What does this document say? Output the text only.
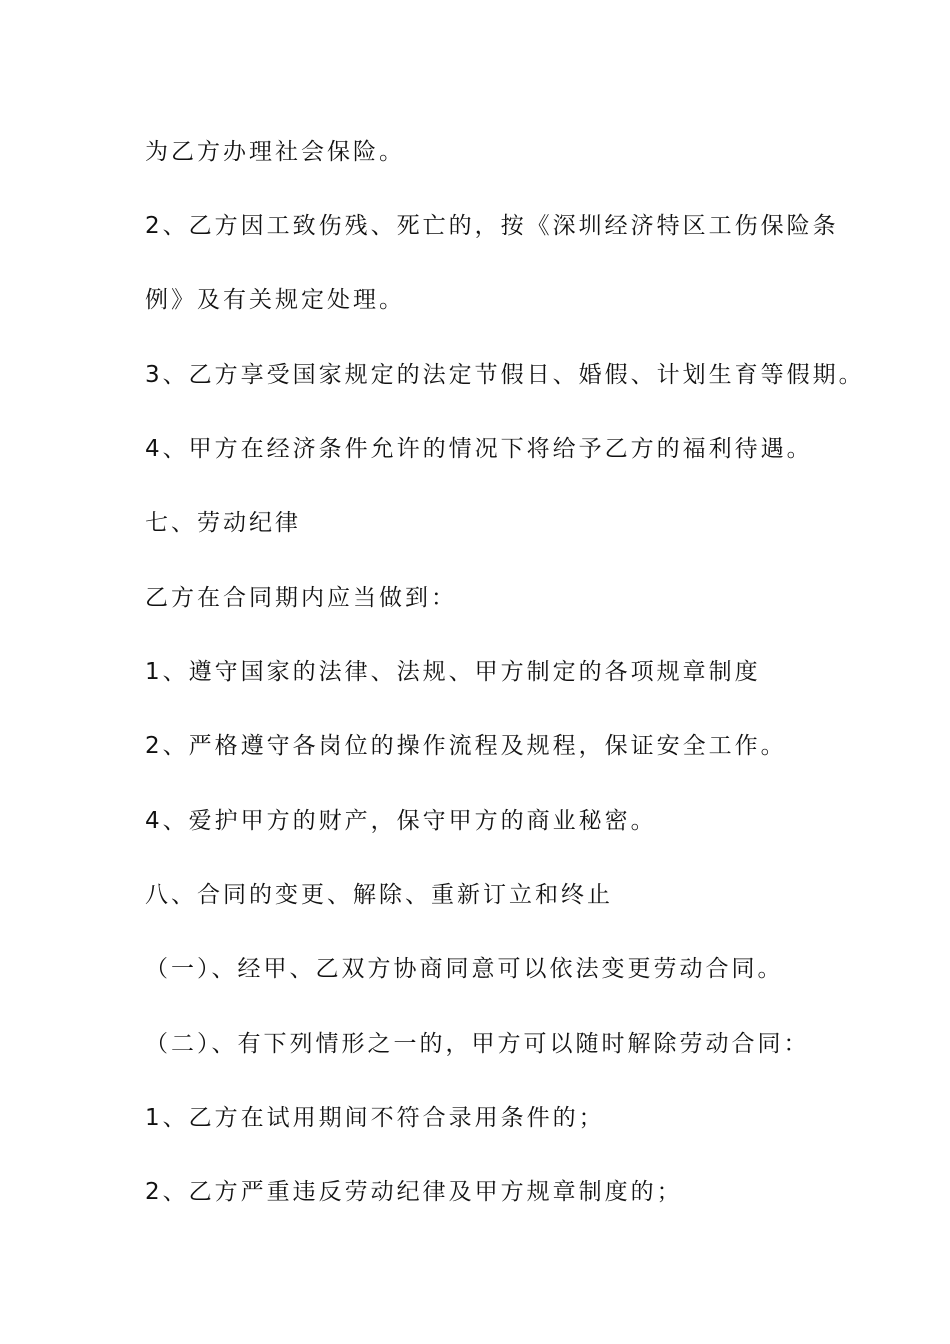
为乙方办理社会保险。

2、乙方因工致伤残、死亡的，按《深圳经济特区工伤保险条

例》及有关规定处理。

3、乙方享受国家规定的法定节假日、婚假、计划生育等假期。

4、甲方在经济条件允许的情况下将给予乙方的福利待遇。

七、劳动纪律

乙方在合同期内应当做到：

1、遵守国家的法律、法规、甲方制定的各项规章制度

2、严格遵守各岗位的操作流程及规程，保证安全工作。

4、爱护甲方的财产，保守甲方的商业秘密。

八、合同的变更、解除、重新订立和终止

（一）、经甲、乙双方协商同意可以依法变更劳动合同。

（二）、有下列情形之一的，甲方可以随时解除劳动合同：

1、乙方在试用期间不符合录用条件的；

2、乙方严重违反劳动纪律及甲方规章制度的；
